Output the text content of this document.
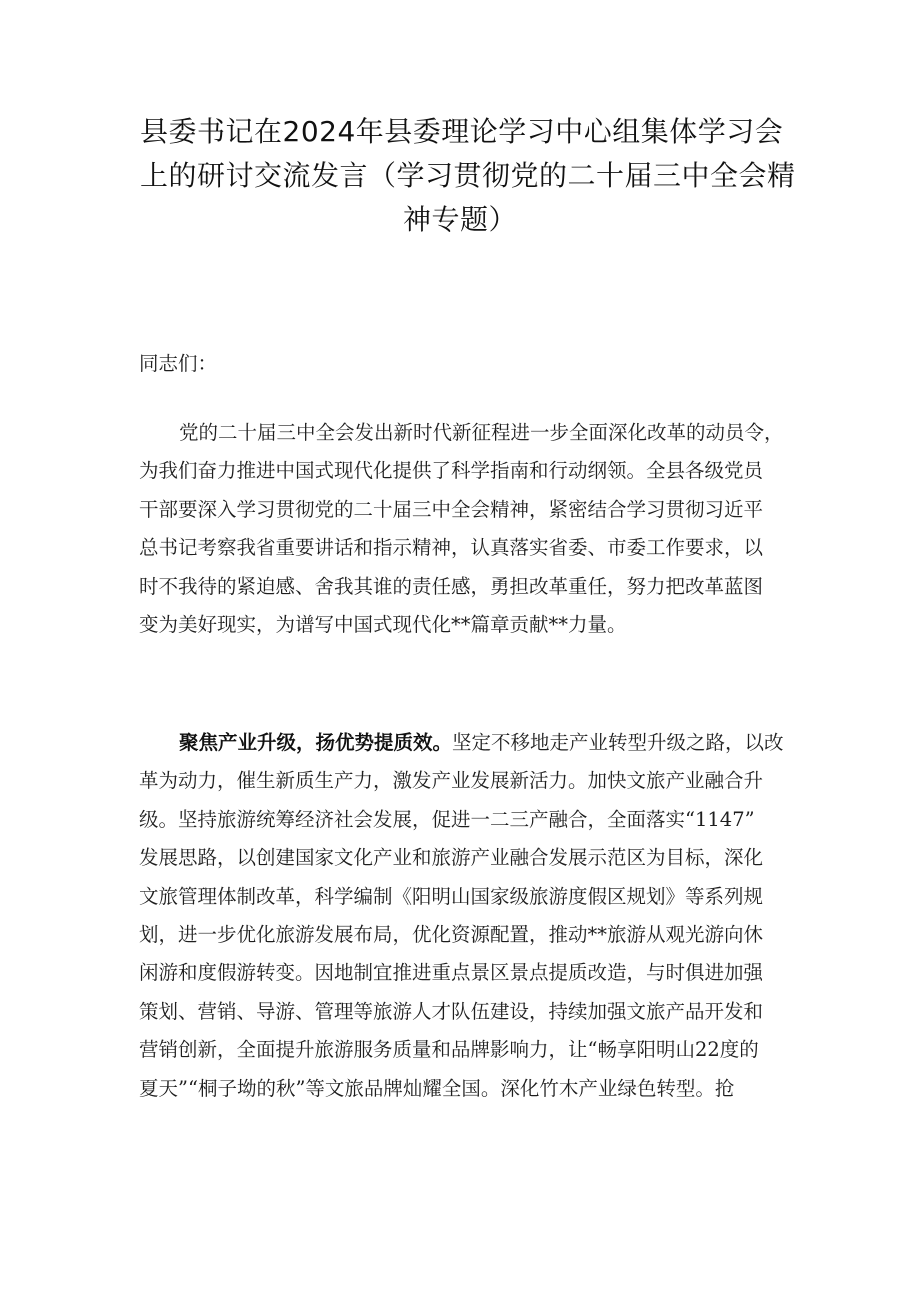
县委书记在2024年县委理论学习中心组集体学习会
上的研讨交流发言（学习贯彻党的二十届三中全会精
神专题）
同志们：
党的二十届三中全会发出新时代新征程进一步全面深化改革的动员令，
为我们奋力推进中国式现代化提供了科学指南和行动纲领。全县各级党员
干部要深入学习贯彻党的二十届三中全会精神，紧密结合学习贯彻习近平
总书记考察我省重要讲话和指示精神，认真落实省委、市委工作要求，以
时不我待的紧迫感、舍我其谁的责任感，勇担改革重任，努力把改革蓝图
变为美好现实，为谱写中国式现代化**篇章贡献**力量。
聚焦产业升级，扬优势提质效。坚定不移地走产业转型升级之路，以改
革为动力，催生新质生产力，激发产业发展新活力。加快文旅产业融合升
级。坚持旅游统筹经济社会发展，促进一二三产融合，全面落实“1147”
发展思路，以创建国家文化产业和旅游产业融合发展示范区为目标，深化
文旅管理体制改革，科学编制《阳明山国家级旅游度假区规划》等系列规
划，进一步优化旅游发展布局，优化资源配置，推动**旅游从观光游向休
闲游和度假游转变。因地制宜推进重点景区景点提质改造，与时俱进加强
策划、营销、导游、管理等旅游人才队伍建设，持续加强文旅产品开发和
营销创新，全面提升旅游服务质量和品牌影响力，让“畅享阳明山22度的
夏天”“桐子坳的秋”等文旅品牌灿耀全国。深化竹木产业绿色转型。抢
